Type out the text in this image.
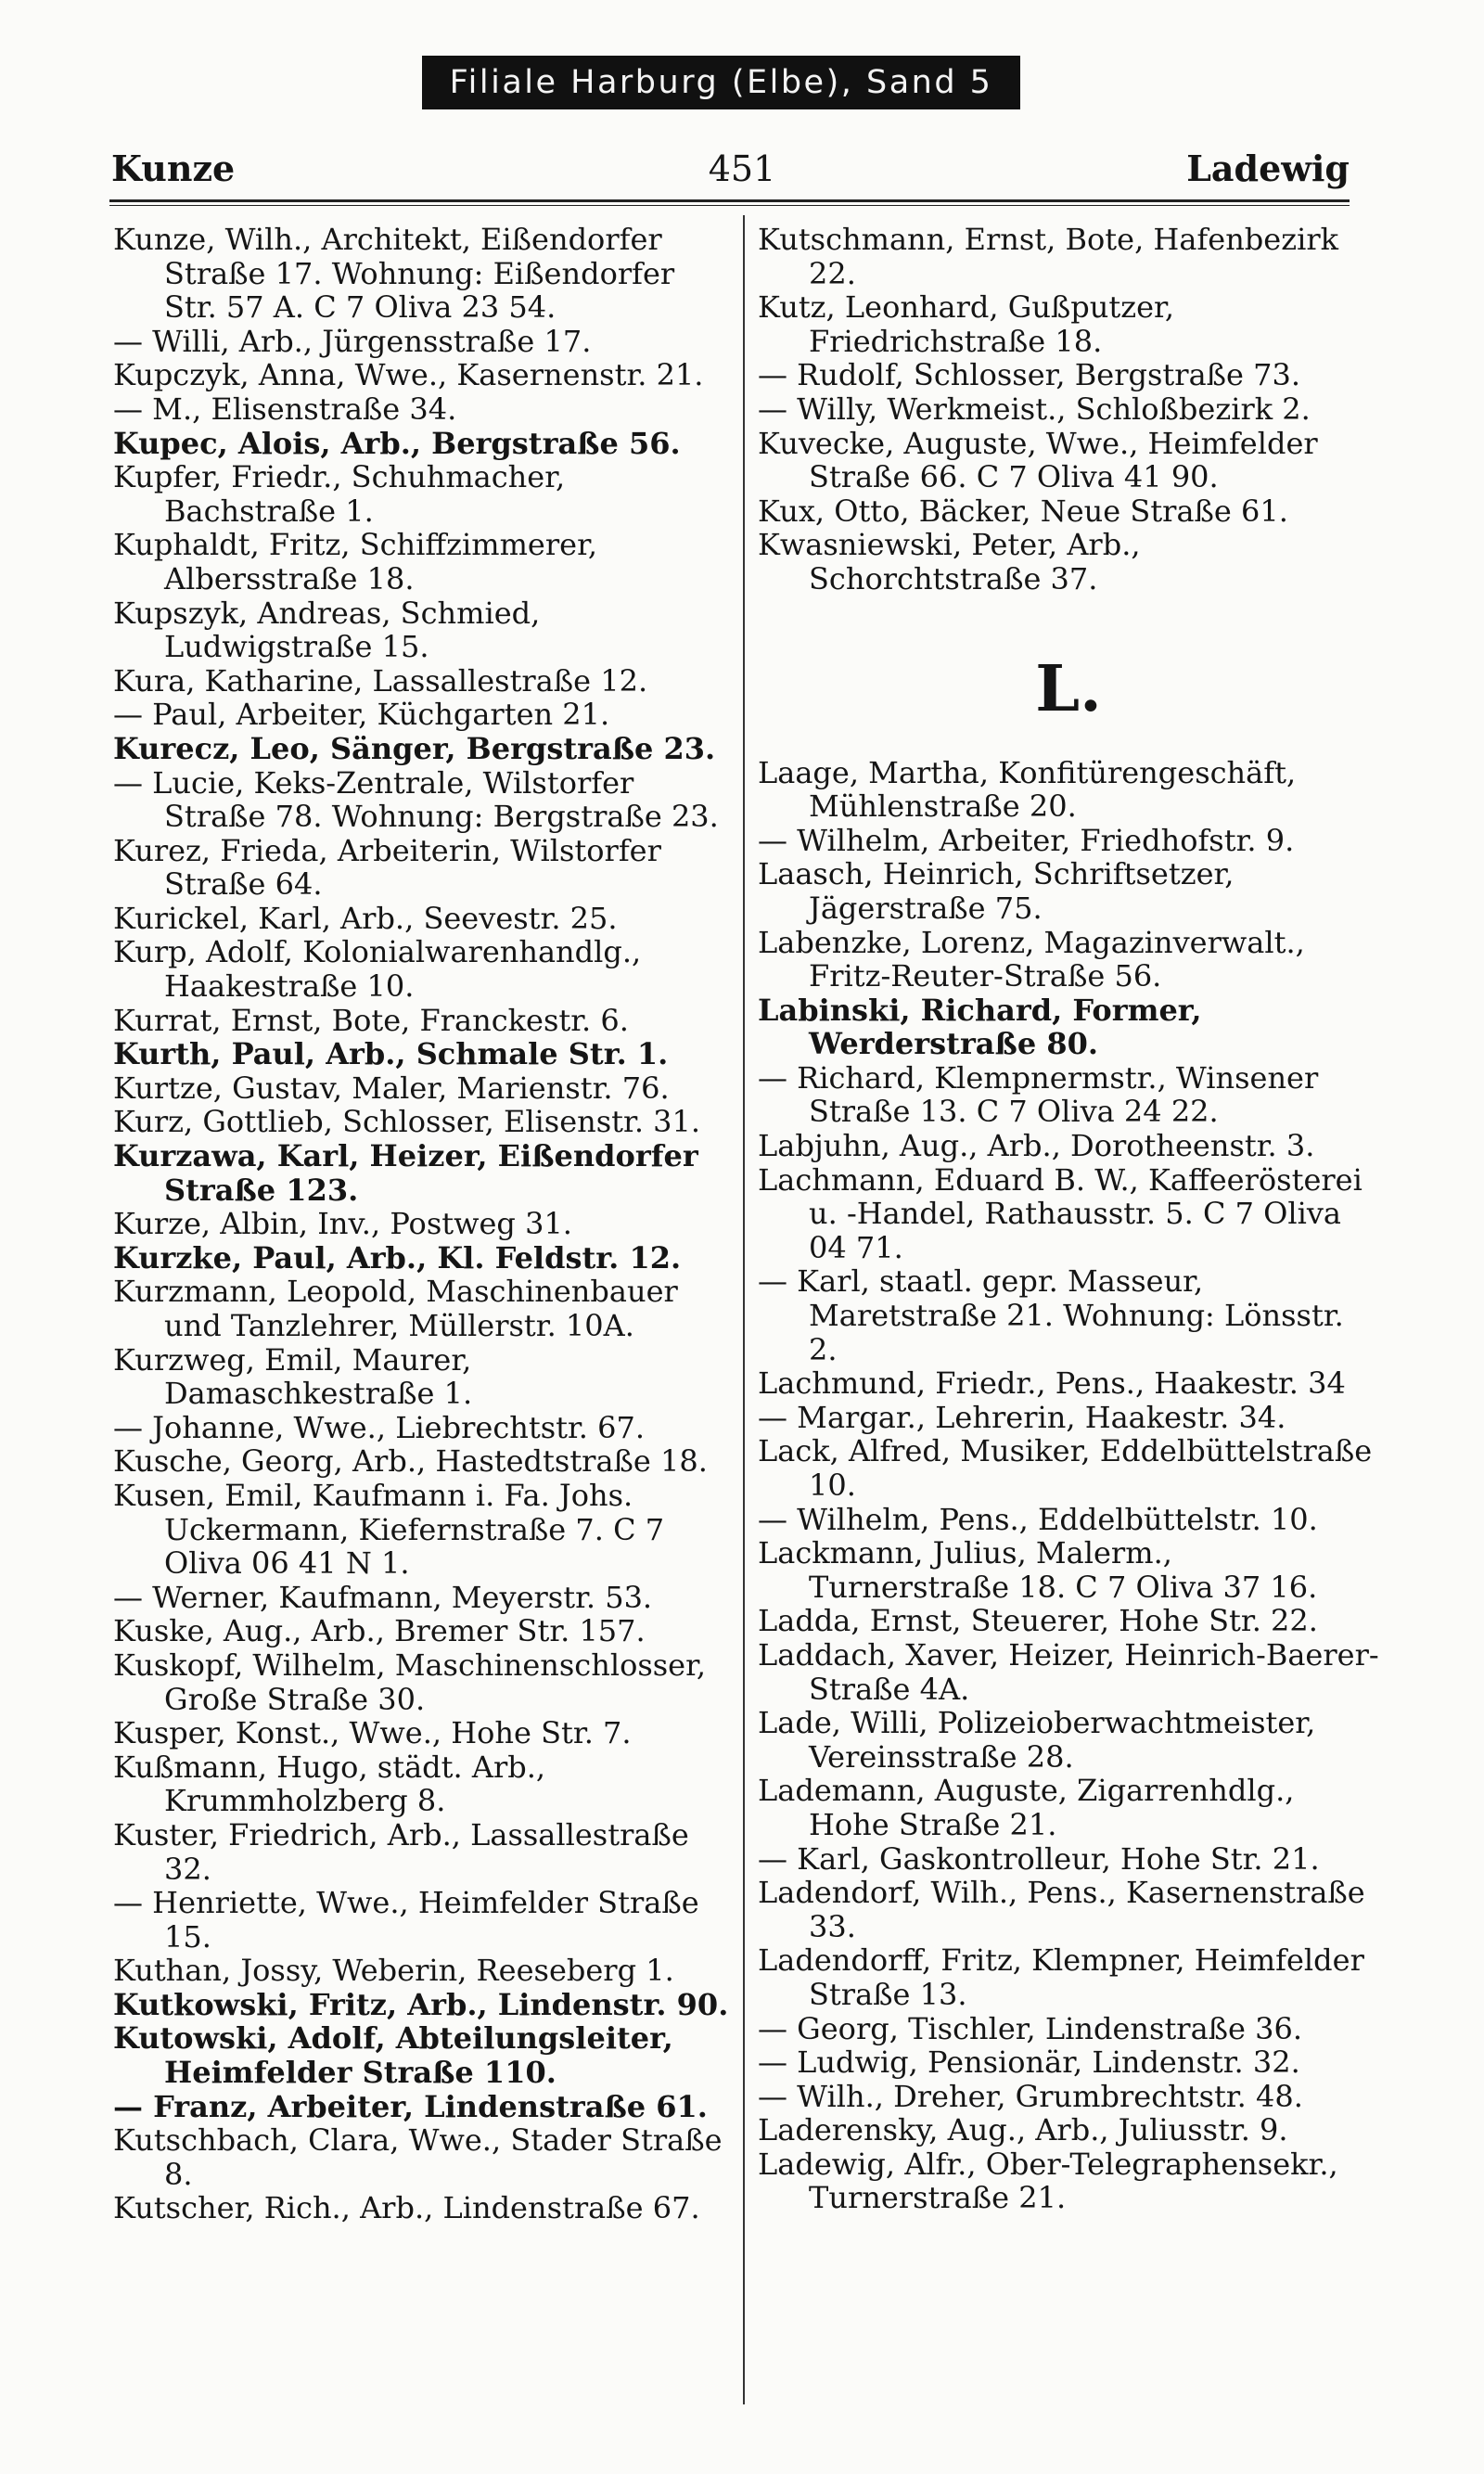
Filiale Harburg (Elbe), Sand 5
Kunze	451	Ladewig

Kunze, Wilh., Architekt, Eißendorfer Straße 17. Wohnung: Eißendorfer Str. 57 A. C 7 Oliva 23 54.

— Willi, Arb., Jürgensstraße 17.

Kupczyk, Anna, Wwe., Kasernenstr. 21.

— M., Elisenstraße 34.

Kupec, Alois, Arb., Bergstraße 56.

Kupfer, Friedr., Schuhmacher, Bachstraße 1.

Kuphaldt, Fritz, Schiffzimmerer, Albersstraße 18.

Kupszyk, Andreas, Schmied, Ludwigstraße 15.

Kura, Katharine, Lassallestraße 12.

— Paul, Arbeiter, Küchgarten 21.

Kurecz, Leo, Sänger, Bergstraße 23.

— Lucie, Keks-Zentrale, Wilstorfer Straße 78. Wohnung: Bergstraße 23.

Kurez, Frieda, Arbeiterin, Wilstorfer Straße 64.

Kurickel, Karl, Arb., Seevestr. 25.

Kurp, Adolf, Kolonialwarenhandlg., Haakestraße 10.

Kurrat, Ernst, Bote, Franckestr. 6.

Kurth, Paul, Arb., Schmale Str. 1.

Kurtze, Gustav, Maler, Marienstr. 76.

Kurz, Gottlieb, Schlosser, Elisenstr. 31.

Kurzawa, Karl, Heizer, Eißendorfer Straße 123.

Kurze, Albin, Inv., Postweg 31.

Kurzke, Paul, Arb., Kl. Feldstr. 12.

Kurzmann, Leopold, Maschinenbauer und Tanzlehrer, Müllerstr. 10A.

Kurzweg, Emil, Maurer, Damaschkestraße 1.

— Johanne, Wwe., Liebrechtstr. 67.

Kusche, Georg, Arb., Hastedtstraße 18.

Kusen, Emil, Kaufmann i. Fa. Johs. Uckermann, Kiefernstraße 7. C 7 Oliva 06 41 N 1.

— Werner, Kaufmann, Meyerstr. 53.

Kuske, Aug., Arb., Bremer Str. 157.

Kuskopf, Wilhelm, Maschinenschlosser, Große Straße 30.

Kusper, Konst., Wwe., Hohe Str. 7.

Kußmann, Hugo, städt. Arb., Krummholzberg 8.

Kuster, Friedrich, Arb., Lassallestraße 32.

— Henriette, Wwe., Heimfelder Straße 15.

Kuthan, Jossy, Weberin, Reeseberg 1.

Kutkowski, Fritz, Arb., Lindenstr. 90.

Kutowski, Adolf, Abteilungsleiter, Heimfelder Straße 110.

— Franz, Arbeiter, Lindenstraße 61.

Kutschbach, Clara, Wwe., Stader Straße 8.

Kutscher, Rich., Arb., Lindenstraße 67.

Kutschmann, Ernst, Bote, Hafenbezirk 22.

Kutz, Leonhard, Gußputzer, Friedrichstraße 18.

— Rudolf, Schlosser, Bergstraße 73.

— Willy, Werkmeist., Schloßbezirk 2.

Kuvecke, Auguste, Wwe., Heimfelder Straße 66. C 7 Oliva 41 90.

Kux, Otto, Bäcker, Neue Straße 61.

Kwasniewski, Peter, Arb., Schorchtstraße 37.

L.

Laage, Martha, Konfitürengeschäft, Mühlenstraße 20.

— Wilhelm, Arbeiter, Friedhofstr. 9.

Laasch, Heinrich, Schriftsetzer, Jägerstraße 75.

Labenzke, Lorenz, Magazinverwalt., Fritz-Reuter-Straße 56.

Labinski, Richard, Former, Werderstraße 80.

— Richard, Klempnermstr., Winsener Straße 13. C 7 Oliva 24 22.

Labjuhn, Aug., Arb., Dorotheenstr. 3.

Lachmann, Eduard B. W., Kaffeerösterei u. -Handel, Rathausstr. 5. C 7 Oliva 04 71.

— Karl, staatl. gepr. Masseur, Maretstraße 21. Wohnung: Lönsstr. 2.

Lachmund, Friedr., Pens., Haakestr. 34

— Margar., Lehrerin, Haakestr. 34.

Lack, Alfred, Musiker, Eddelbüttelstraße 10.

— Wilhelm, Pens., Eddelbüttelstr. 10.

Lackmann, Julius, Malerm., Turnerstraße 18. C 7 Oliva 37 16.

Ladda, Ernst, Steuerer, Hohe Str. 22.

Laddach, Xaver, Heizer, Heinrich-Baerer-Straße 4A.

Lade, Willi, Polizeioberwachtmeister, Vereinsstraße 28.

Lademann, Auguste, Zigarrenhdlg., Hohe Straße 21.

— Karl, Gaskontrolleur, Hohe Str. 21.

Ladendorf, Wilh., Pens., Kasernenstraße 33.

Ladendorff, Fritz, Klempner, Heimfelder Straße 13.

— Georg, Tischler, Lindenstraße 36.

— Ludwig, Pensionär, Lindenstr. 32.

— Wilh., Dreher, Grumbrechtstr. 48.

Laderensky, Aug., Arb., Juliusstr. 9.

Ladewig, Alfr., Ober-Telegraphensekr., Turnerstraße 21.
